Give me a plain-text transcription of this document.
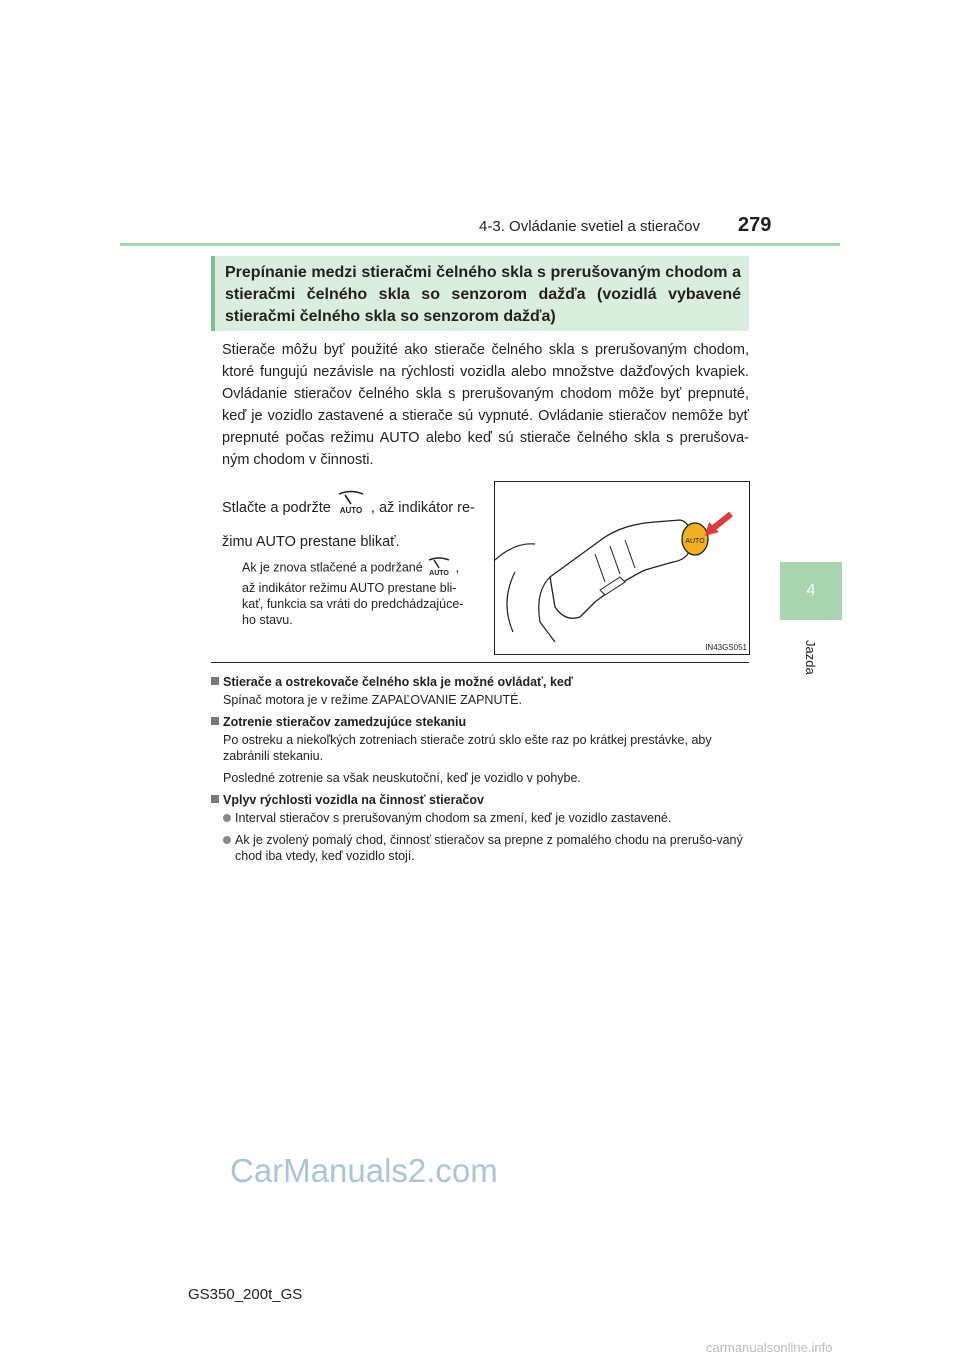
4-3. Ovládanie svetiel a stieračov 279
4
Jazda

Prepínanie medzi stieračmi čelného skla s prerušovaným chodom a stieračmi čelného skla so senzorom dažďa (vozidlá vybavené stieračmi čelného skla so senzorom dažďa)

Stierače môžu byť použité ako stierače čelného skla s prerušovaným chodom, ktoré fungujú nezávisle na rýchlosti vozidla alebo množstve dažďových kvapiek. Ovládanie stieračov čelného skla s prerušovaným chodom môže byť prepnuté, keď je vozidlo zastavené a stierače sú vypnuté. Ovládanie stieračov nemôže byť prepnuté počas režimu AUTO alebo keď sú stierače čelného skla s prerušova-ným chodom v činnosti.
Stlačte a podržte AUTO , až indikátor re-žimu AUTO prestane blikať.
Ak je znova stlačené a podržané AUTO , až indikátor režimu AUTO prestane bli-kať, funkcia sa vráti do predchádzajúce-ho stavu.
AUTO
IN43GS051
Stierače a ostrekovače čelného skla je možné ovládať, keď

Spínač motora je v režime ZAPAĽOVANIE ZAPNUTÉ.

Zotrenie stieračov zamedzujúce stekaniu

Po ostreku a niekoľkých zotreniach stierače zotrú sklo ešte raz po krátkej prestávke, aby zabránili stekaniu.

Posledné zotrenie sa však neuskutoční, keď je vozidlo v pohybe.

Vplyv rýchlosti vozidla na činnosť stieračov
Interval stieračov s prerušovaným chodom sa zmení, keď je vozidlo zastavené.
Ak je zvolený pomalý chod, činnosť stieračov sa prepne z pomalého chodu na prerušo-vaný chod iba vtedy, keď vozidlo stojí.
CarManuals2.com
GS350_200t_GS
carmanualsonline.info
